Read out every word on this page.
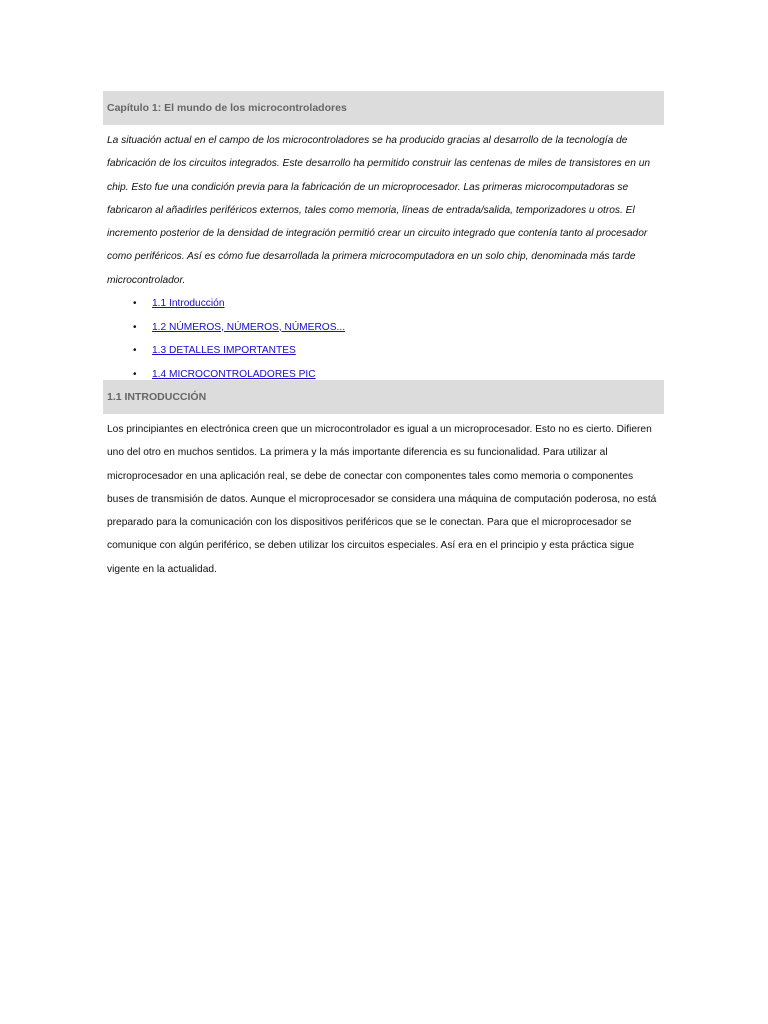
Capítulo 1: El mundo de los microcontroladores

La situación actual en el campo de los microcontroladores se ha producido gracias al desarrollo de la tecnología de fabricación de los circuitos integrados. Este desarrollo ha permitido construir las centenas de miles de transistores en un chip. Esto fue una condición previa para la fabricación de un microprocesador. Las primeras microcomputadoras se fabricaron al añadirles periféricos externos, tales como memoria, líneas de entrada/salida, temporizadores u otros. El incremento posterior de la densidad de integración permitió crear un circuito integrado que contenía tanto al procesador como periféricos. Así es cómo fue desarrollada la primera microcomputadora en un solo chip, denominada más tarde microcontrolador.

• 1.1 Introducción
• 1.2 NÚMEROS, NÚMEROS, NÚMEROS...
• 1.3 DETALLES IMPORTANTES
• 1.4 MICROCONTROLADORES PIC
1.1 INTRODUCCIÓN

Los principiantes en electrónica creen que un microcontrolador es igual a un microprocesador. Esto no es cierto. Difieren uno del otro en muchos sentidos. La primera y la más importante diferencia es su funcionalidad. Para utilizar al microprocesador en una aplicación real, se debe de conectar con componentes tales como memoria o componentes buses de transmisión de datos. Aunque el microprocesador se considera una máquina de computación poderosa, no está preparado para la comunicación con los dispositivos periféricos que se le conectan. Para que el microprocesador se comunique con algún periférico, se deben utilizar los circuitos especiales. Así era en el principio y esta práctica sigue vigente en la actualidad.
